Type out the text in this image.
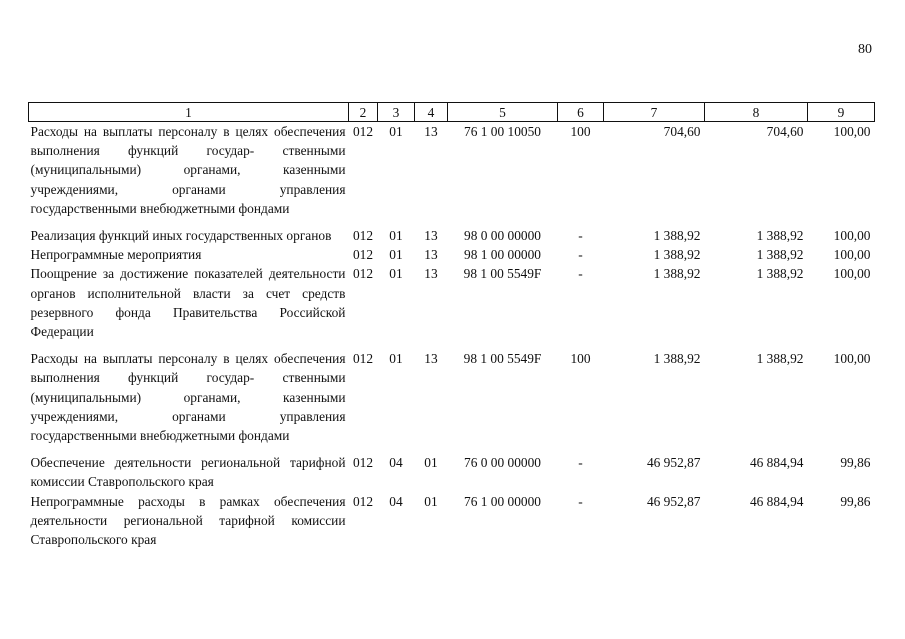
80
1	2	3	4	5	6	7	8	9
Расходы на выплаты персоналу в целях обеспечения выполнения функций государ- ственными (муниципальными) органами, казенными учреждениями, органами управления государственными внебюджетными фондами	012	01	13	76 1 00 10050	100	704,60	704,60	100,00
Реализация функций иных государственных органов	012	01	13	98 0 00 00000	-	1 388,92	1 388,92	100,00
Непрограммные мероприятия	012	01	13	98 1 00 00000	-	1 388,92	1 388,92	100,00
Поощрение за достижение показателей деятельности органов исполнительной власти за счет средств резервного фонда Правительства Российской Федерации	012	01	13	98 1 00 5549F	-	1 388,92	1 388,92	100,00
Расходы на выплаты персоналу в целях обеспечения выполнения функций государ- ственными (муниципальными) органами, казенными учреждениями, органами управления государственными внебюджетными фондами	012	01	13	98 1 00 5549F	100	1 388,92	1 388,92	100,00
Обеспечение деятельности региональной тарифной комиссии Ставропольского края	012	04	01	76 0 00 00000	-	46 952,87	46 884,94	99,86
Непрограммные расходы в рамках обеспечения деятельности региональной тарифной комиссии Ставропольского края	012	04	01	76 1 00 00000	-	46 952,87	46 884,94	99,86
